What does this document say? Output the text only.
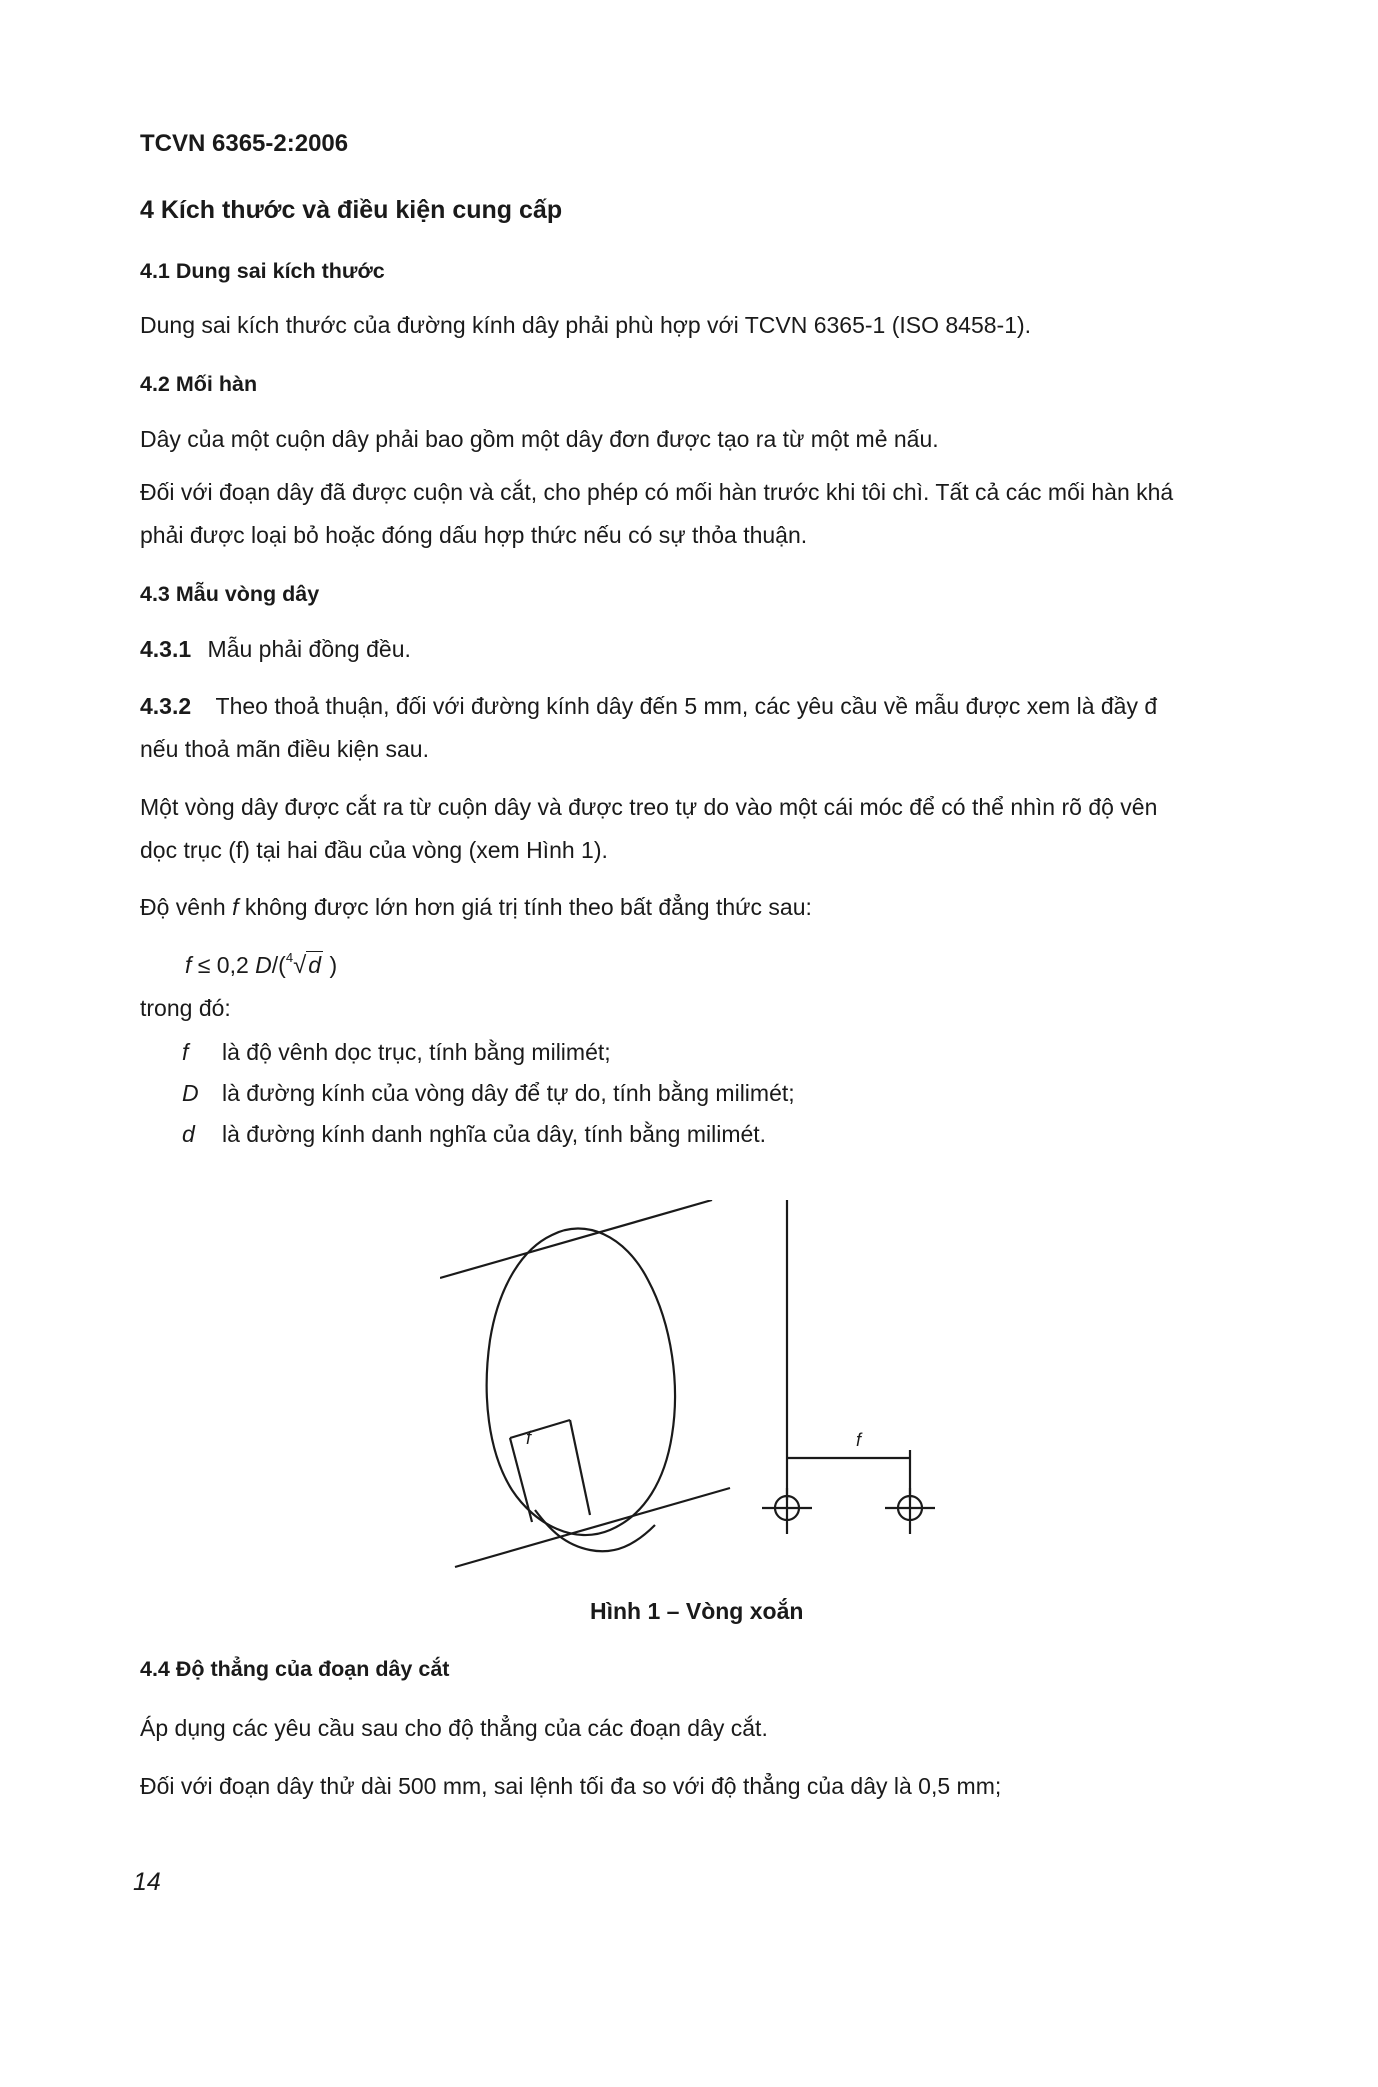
TCVN 6365-2:2006
4 Kích thước và điều kiện cung cấp
4.1 Dung sai kích thước
Dung sai kích thước của đường kính dây phải phù hợp với TCVN 6365-1 (ISO 8458-1).
4.2 Mối hàn
Dây của một cuộn dây phải bao gồm một dây đơn được tạo ra từ một mẻ nấu.
Đối với đoạn dây đã được cuộn và cắt, cho phép có mối hàn trước khi tôi chì. Tất cả các mối hàn khá
phải được loại bỏ hoặc đóng dấu hợp thức nếu có sự thỏa thuận.
4.3 Mẫu vòng dây
4.3.1 Mẫu phải đồng đều.
4.3.2 Theo thoả thuận, đối với đường kính dây đến 5 mm, các yêu cầu về mẫu được xem là đầy đ
nếu thoả mãn điều kiện sau.
Một vòng dây được cắt ra từ cuộn dây và được treo tự do vào một cái móc để có thể nhìn rõ độ vên
dọc trục (f) tại hai đầu của vòng (xem Hình 1).
Độ vênh f không được lớn hơn giá trị tính theo bất đẳng thức sau:
f ≤ 0,2 D/($^4$√d )
trong đó:
f là độ vênh dọc trục, tính bằng milimét;
D là đường kính của vòng dây để tự do, tính bằng milimét;
d là đường kính danh nghĩa của dây, tính bằng milimét.
f	f
Hình 1 – Vòng xoắn
4.4 Độ thẳng của đoạn dây cắt
Áp dụng các yêu cầu sau cho độ thẳng của các đoạn dây cắt.
Đối với đoạn dây thử dài 500 mm, sai lệnh tối đa so với độ thẳng của dây là 0,5 mm;
14
